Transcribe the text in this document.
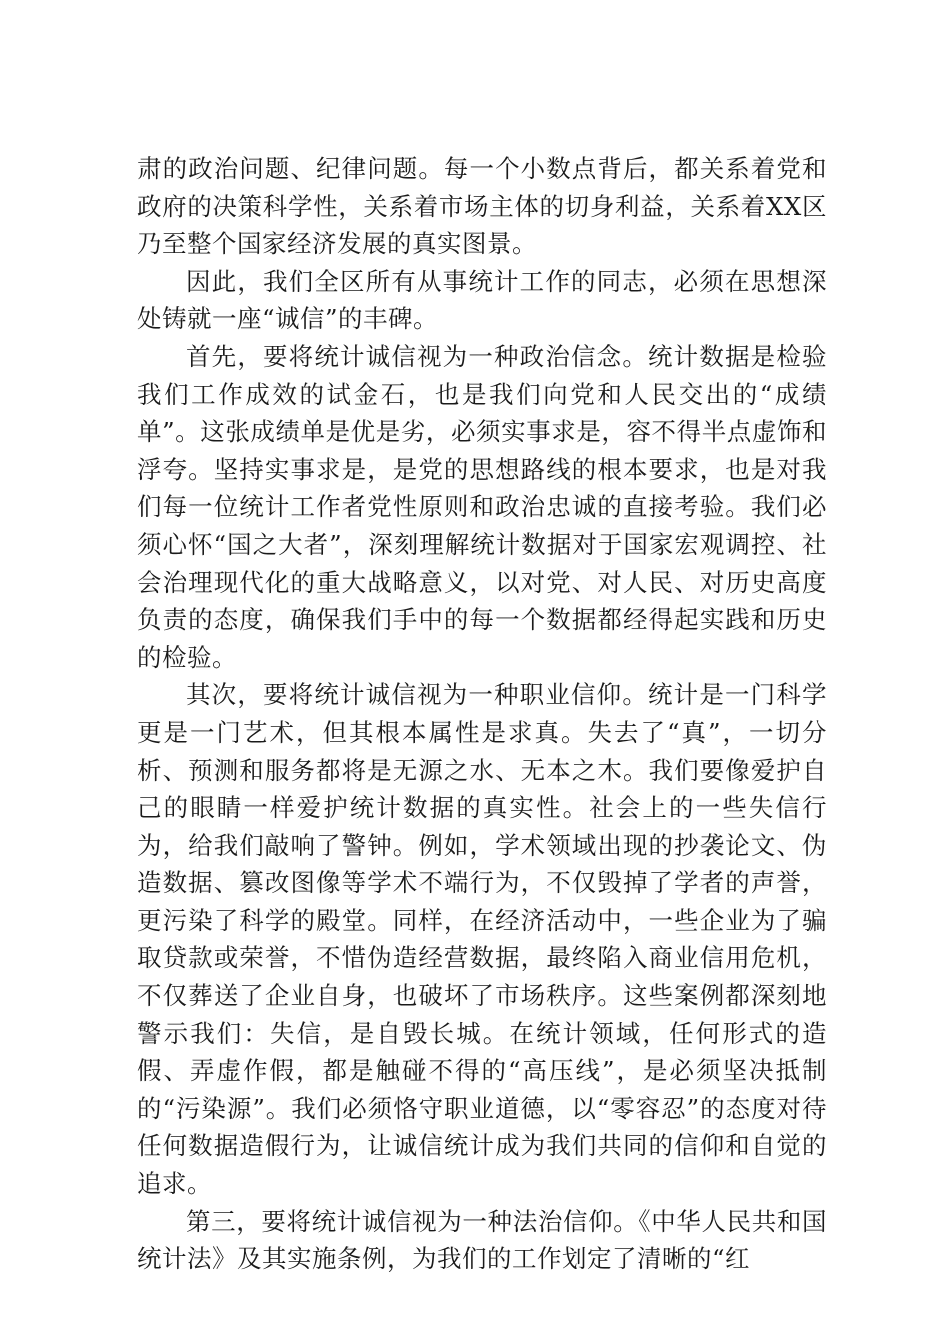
肃的政治问题、纪律问题。每一个小数点背后，都关系着党和政府的决策科学性，关系着市场主体的切身利益，关系着XX区乃至整个国家经济发展的真实图景。

因此，我们全区所有从事统计工作的同志，必须在思想深处铸就一座“诚信”的丰碑。

首先，要将统计诚信视为一种政治信念。统计数据是检验我们工作成效的试金石，也是我们向党和人民交出的“成绩单”。这张成绩单是优是劣，必须实事求是，容不得半点虚饰和浮夸。坚持实事求是，是党的思想路线的根本要求，也是对我们每一位统计工作者党性原则和政治忠诚的直接考验。我们必须心怀“国之大者”，深刻理解统计数据对于国家宏观调控、社会治理现代化的重大战略意义，以对党、对人民、对历史高度负责的态度，确保我们手中的每一个数据都经得起实践和历史的检验。

其次，要将统计诚信视为一种职业信仰。统计是一门科学更是一门艺术，但其根本属性是求真。失去了“真”，一切分析、预测和服务都将是无源之水、无本之木。我们要像爱护自己的眼睛一样爱护统计数据的真实性。社会上的一些失信行为，给我们敲响了警钟。例如，学术领域出现的抄袭论文、伪造数据、篡改图像等学术不端行为，不仅毁掉了学者的声誉，更污染了科学的殿堂。同样，在经济活动中，一些企业为了骗取贷款或荣誉，不惜伪造经营数据，最终陷入商业信用危机，不仅葬送了企业自身，也破坏了市场秩序。这些案例都深刻地警示我们：失信，是自毁长城。在统计领域，任何形式的造假、弄虚作假，都是触碰不得的“高压线”，是必须坚决抵制的“污染源”。我们必须恪守职业道德，以“零容忍”的态度对待任何数据造假行为，让诚信统计成为我们共同的信仰和自觉的追求。

第三，要将统计诚信视为一种法治信仰。《中华人民共和国统计法》及其实施条例，为我们的工作划定了清晰的“红
